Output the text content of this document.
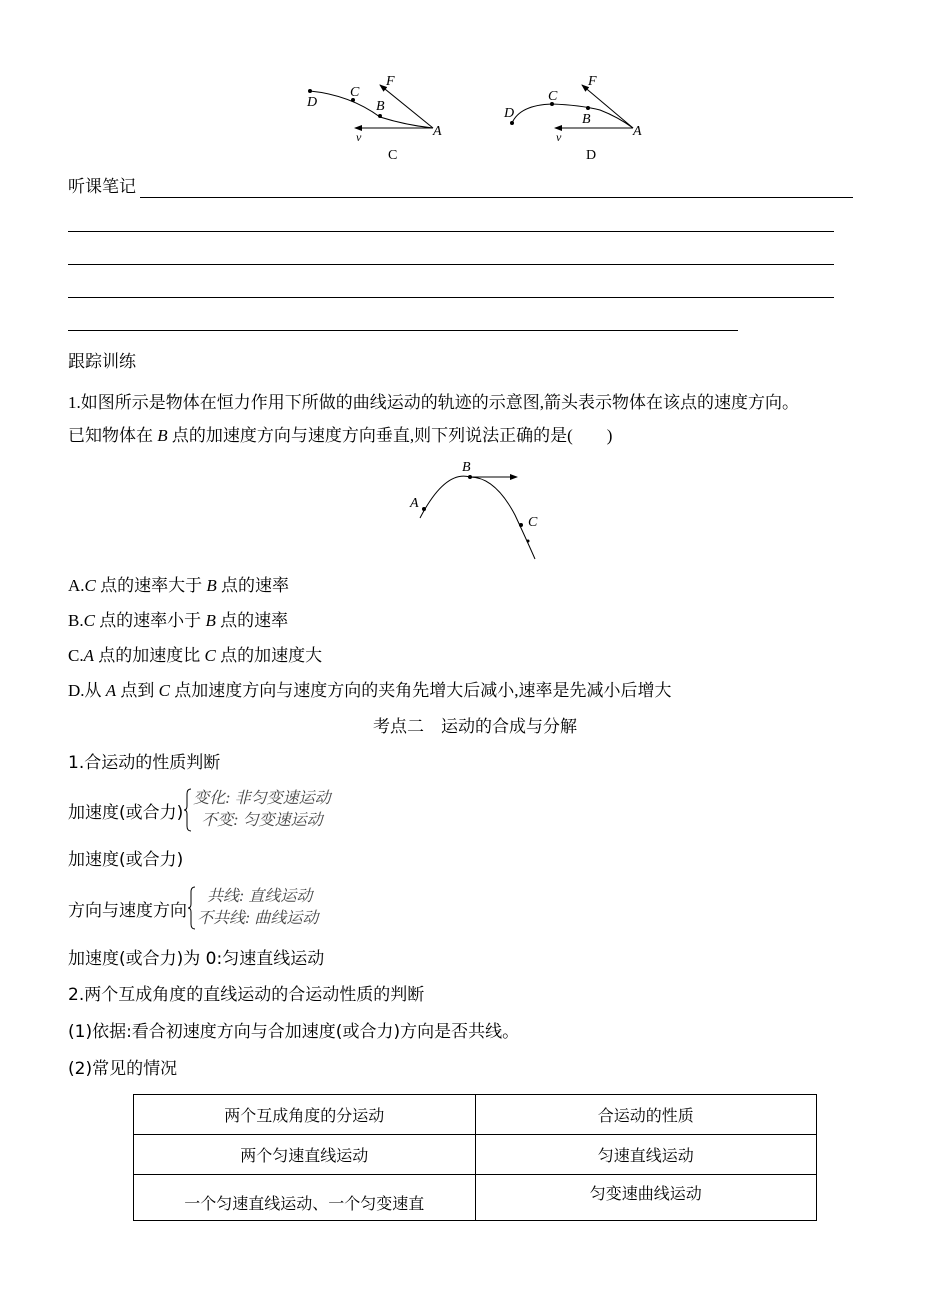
D
C
B
A
F
v
C
D
C
B
A
F
v
D
听课笔记
跟踪训练
1.如图所示是物体在恒力作用下所做的曲线运动的轨迹的示意图,箭头表示物体在该点的速度方向。
已知物体在 B 点的加速度方向与速度方向垂直,则下列说法正确的是(　　)
A
B
C
A.C 点的速率大于 B 点的速率
B.C 点的速率小于 B 点的速率
C.A 点的加速度比 C 点的加速度大
D.从 A 点到 C 点加速度方向与速度方向的夹角先增大后减小,速率是先减小后增大
考点二　运动的合成与分解
1.合运动的性质判断
加速度(或合力)
变化: 非匀变速运动
不变: 匀变速运动
加速度(或合力)
方向与速度方向
共线: 直线运动
不共线: 曲线运动
加速度(或合力)为 0:匀速直线运动
2.两个互成角度的直线运动的合运动性质的判断
(1)依据:看合初速度方向与合加速度(或合力)方向是否共线。
(2)常见的情况
两个互成角度的分运动	合运动的性质
两个匀速直线运动	匀速直线运动
一个匀速直线运动、一个匀变速直	匀变速曲线运动
